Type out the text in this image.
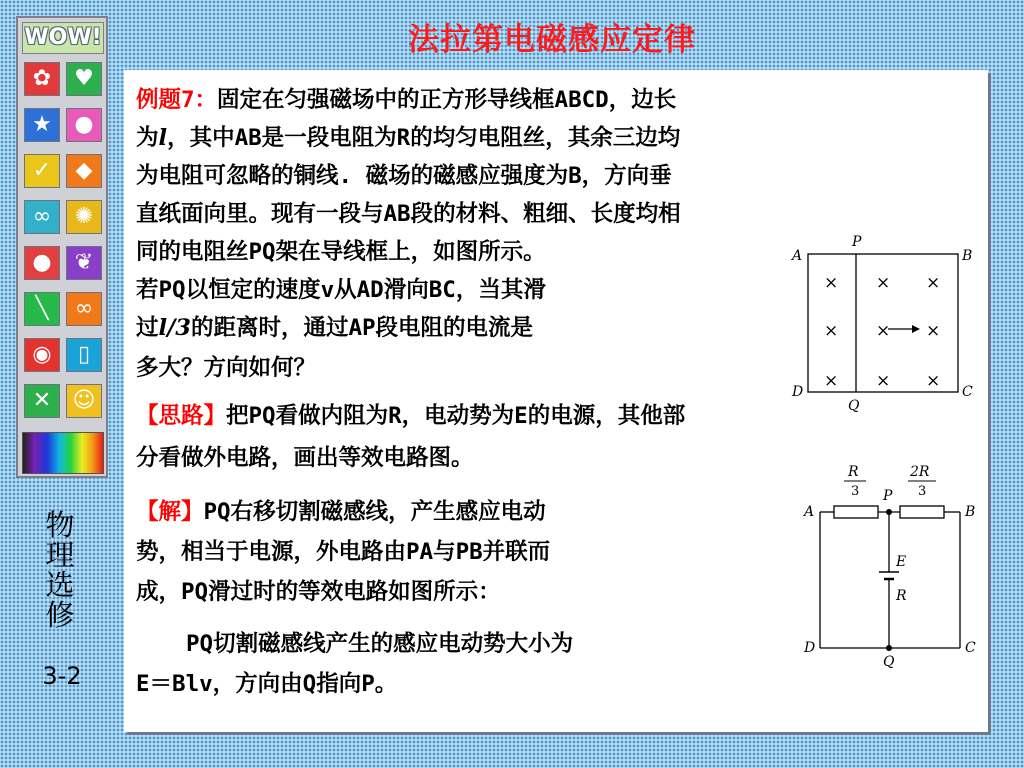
法拉第电磁感应定律
WOW!
✿	♥
★	●
✓	◆
∞	✺
●	❦
╲	∞
◉	▯
✕ ☺
物
理
选
修
3-2

例题7：固定在匀强磁场中的正方形导线框ABCD，边长

为l，其中AB是一段电阻为R的均匀电阻丝，其余三边均

为电阻可忽略的铜线. 磁场的磁感应强度为B，方向垂

直纸面向里。现有一段与AB段的材料、粗细、长度均相

同的电阻丝PQ架在导线框上，如图所示。

若PQ以恒定的速度v从AD滑向BC，当其滑

过l/3的距离时，通过AP段电阻的电流是

多大？方向如何？

【思路】把PQ看做内阻为R，电动势为E的电源，其他部

分看做外电路，画出等效电路图。

【解】PQ右移切割磁感线，产生感应电动

势，相当于电源，外电路由PA与PB并联而

成，PQ滑过时的等效电路如图所示：

PQ切割磁感线产生的感应电动势大小为

E＝Blv，方向由Q指向P。

× × ×
× × ×
× × ×
P
A	B
D	C
Q
R
3
2R
3
A	B
P
E
R
D	C
Q
